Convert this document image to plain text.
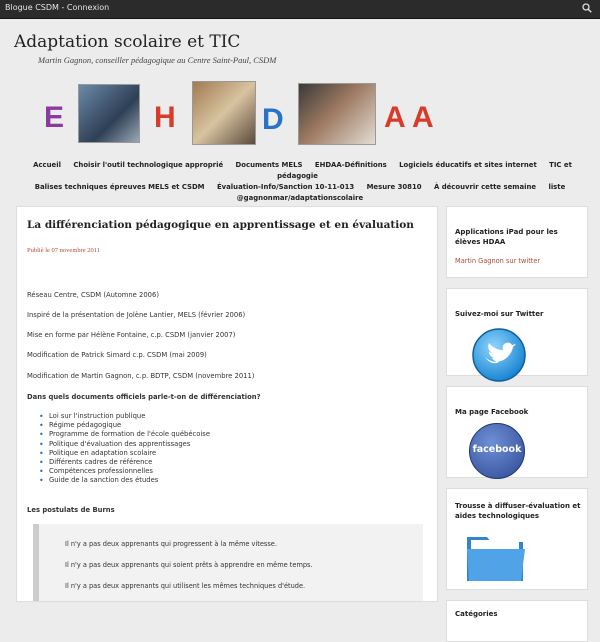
Blogue CSDM - Connexion
Adaptation scolaire et TIC
Martin Gagnon, conseiller pédagogique au Centre Saint-Paul, CSDM
E	H	D	A A
Accueil Choisir l'outil technologique approprié Documents MELS EHDAA-Définitions Logiciels éducatifs et sites internet TIC et pédagogie
Balises techniques épreuves MELS et CSDM Évaluation-Info/Sanction 10-11-013 Mesure 30810 À découvrir cette semaine liste
@gagnonmar/adaptationscolaire
La différenciation pédagogique en apprentissage et en évaluation
Publié le 07 novembre 2011
Réseau Centre, CSDM (Automne 2006)
Inspiré de la présentation de Jolène Lantier, MELS (février 2006)
Mise en forme par Hélène Fontaine, c.p. CSDM (janvier 2007)
Modification de Patrick Simard c.p. CSDM (mai 2009)
Modification de Martin Gagnon, c.p. BDTP, CSDM (novembre 2011)
Dans quels documents officiels parle-t-on de différenciation?
• Loi sur l'instruction publique
• Régime pédagogique
• Programme de formation de l'école québécoise
• Politique d'évaluation des apprentissages
• Politique en adaptation scolaire
• Différents cadres de référence
• Compétences professionnelles
• Guide de la sanction des études
Les postulats de Burns
Il n'y a pas deux apprenants qui progressent à la même vitesse.
Il n'y a pas deux apprenants qui soient prêts à apprendre en même temps.
Il n'y a pas deux apprenants qui utilisent les mêmes techniques d'étude.
Applications iPad pour les élèves HDAA
Martin Gagnon sur twitter
Suivez-moi sur Twitter
Ma page Facebook
facebook
Trousse à diffuser-évaluation et aides technologiques
Catégories
